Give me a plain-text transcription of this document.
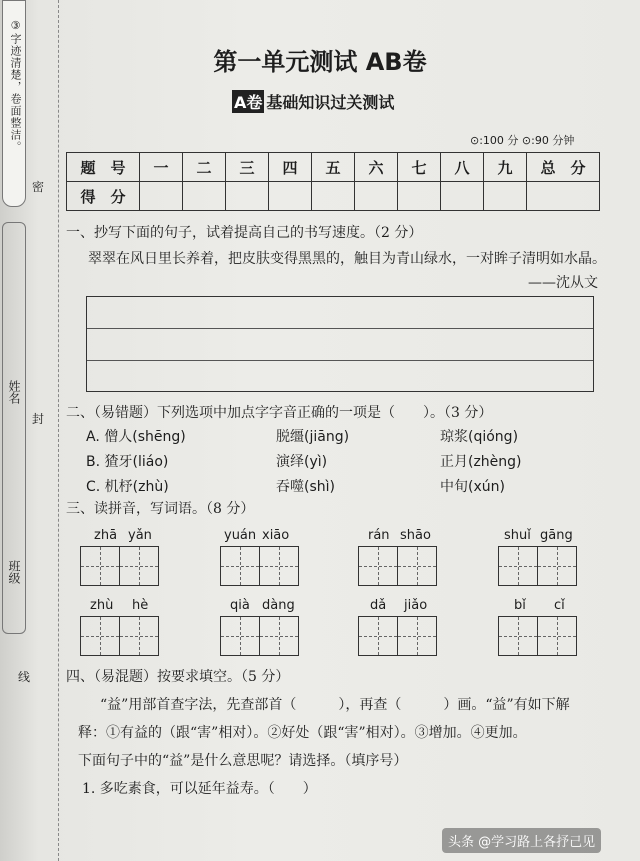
③字迹清楚，卷面整洁。
姓名
班级
密
封
线
第一单元测试 AB卷
A卷 基础知识过关测试
⊙:100 分 ⊙:90 分钟
题　号	一	二	三	四	五	六	七	八	九	总　分
得　分										
一、抄写下面的句子，试着提高自己的书写速度。（2 分）
翠翠在风日里长养着，把皮肤变得黑黑的，触目为青山绿水，一对眸子清明如水晶。
——沈从文
二、（易错题）下列选项中加点字字音正确的一项是（　　）。（3 分）
A. 僧人(shēng)	脱缰(jiāng)	琼浆(qióng)
B. 猹牙(liáo)	演绎(yì)	正月(zhèng)
C. 机杼(zhù)	吞噬(shì)	中旬(xún)
三、读拼音，写词语。（8 分）
zhā yǎn	yuán xiāo	rán shāo	shuǐ gāng
zhù hè	qià dàng	dǎ jiǎo	bǐ cǐ
四、（易混题）按要求填空。（5 分）
“益”用部首查字法，先查部首（　　　），再查（　　　）画。“益”有如下解
释：①有益的（跟“害”相对）。②好处（跟“害”相对）。③增加。④更加。
下面句子中的“益”是什么意思呢？请选择。（填序号）
1. 多吃素食，可以延年益寿。（　　）
头条 @学习路上各抒己见
